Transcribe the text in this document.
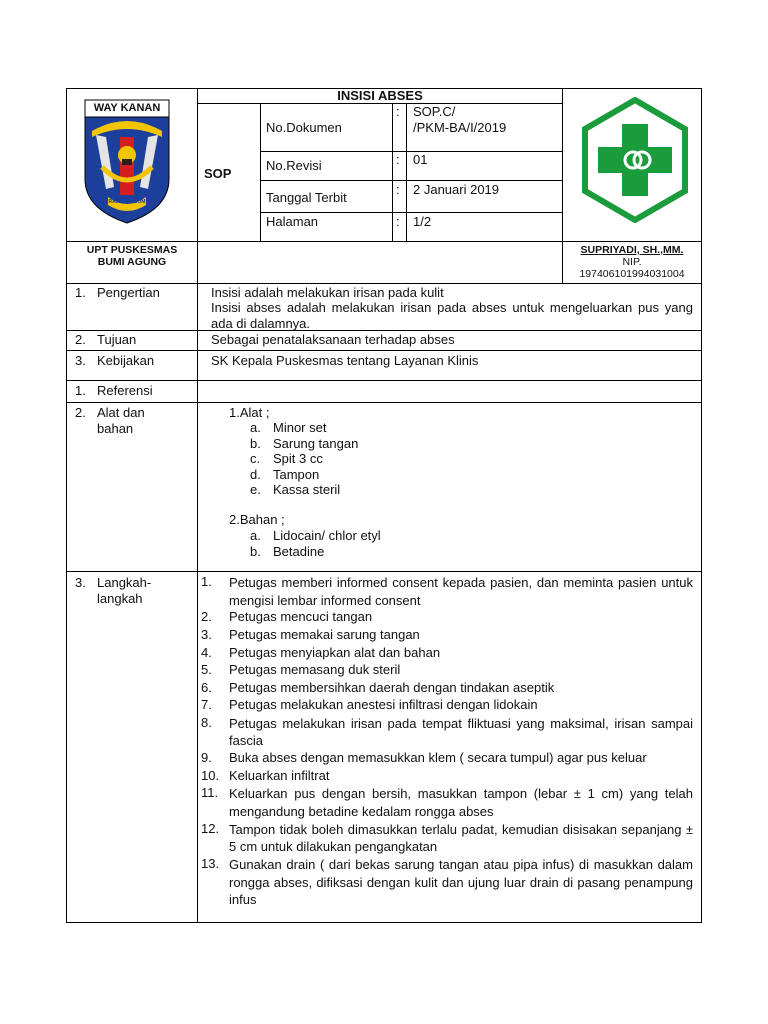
WAY KANAN
RAMIK RAGOM
INSISI ABSES
SOP
No.Dokumen
: SOP.C/
/PKM-BA/I/2019
No.Revisi	: 01
Tanggal Terbit
: 2 Januari 2019
Halaman	: 1/2
UPT PUSKESMAS
BUMI AGUNG
SUPRIYADI, SH.,MM.
NIP.
197406101994031004
1. Pengertian
2. Tujuan
3. Kebijakan
1. Referensi
2. Alat dan
bahan
3. Langkah-
langkah
Insisi adalah melakukan irisan pada kulit
Insisi abses adalah melakukan irisan pada abses untuk mengeluarkan pus yang ada di dalamnya.
Sebagai penatalaksanaan terhadap abses
SK Kepala Puskesmas tentang Layanan Klinis
1.Alat ;
a. Minor set
b. Sarung tangan
c. Spit 3 cc
d. Tampon
e. Kassa steril
2.Bahan ;
a. Lidocain/ chlor etyl
b. Betadine
1. Petugas memberi informed consent kepada pasien, dan meminta pasien untuk mengisi lembar informed consent
2. Petugas mencuci tangan
3. Petugas memakai sarung tangan
4. Petugas menyiapkan alat dan bahan
5. Petugas memasang duk steril
6. Petugas membersihkan daerah dengan tindakan aseptik
7. Petugas melakukan anestesi infiltrasi dengan lidokain
8. Petugas melakukan irisan pada tempat fliktuasi yang maksimal, irisan sampai fascia
9. Buka abses dengan memasukkan klem ( secara tumpul) agar pus keluar
10. Keluarkan infiltrat
11. Keluarkan pus dengan bersih, masukkan tampon (lebar ± 1 cm) yang telah mengandung betadine kedalam rongga abses
12. Tampon tidak boleh dimasukkan terlalu padat, kemudian disisakan sepanjang ± 5 cm untuk dilakukan pengangkatan
13. Gunakan drain ( dari bekas sarung tangan atau pipa infus) di masukkan dalam rongga abses, difiksasi dengan kulit dan ujung luar drain di pasang penampung infus
